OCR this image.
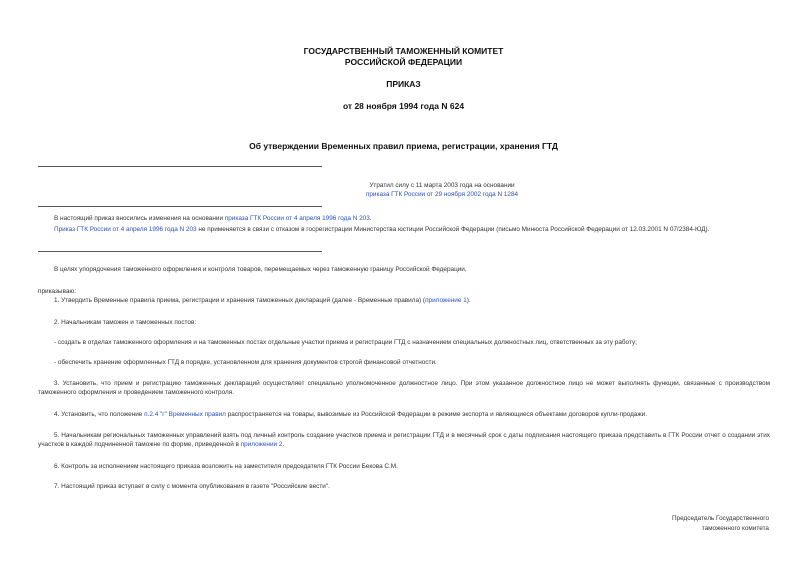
ГОСУДАРСТВЕННЫЙ ТАМОЖЕННЫЙ КОМИТЕТ
РОССИЙСКОЙ ФЕДЕРАЦИИ
ПРИКАЗ
от 28 ноября 1994 года N 624
Об утверждении Временных правил приема, регистрации, хранения ГТД
Утратил силу с 11 марта 2003 года на основании
приказа ГТК России от 29 ноября 2002 года N 1284
В настоящий приказ вносились изменения на основании приказа ГТК России от 4 апреля 1996 года N 203.
Приказ ГТК России от 4 апреля 1996 года N 203 не применяется в связи с отказом в госрегистрации Министерства юстиции Российской Федерации (письмо Минюста Российской Федерации от 12.03.2001 N 07/2384-ЮД).
В целях упорядочения таможенного оформления и контроля товаров, перемещаемых через таможенную границу Российской Федерации,
приказываю:
1. Утвердить Временные правила приема, регистрации и хранения таможенных деклараций (далее - Временные правила) (приложение 1).
2. Начальникам таможен и таможенных постов:
- создать в отделах таможенного оформления и на таможенных постах отдельные участки приема и регистрации ГТД с назначением специальных должностных лиц, ответственных за эту работу;
- обеспечить хранение оформленных ГТД в порядке, установленном для хранения документов строгой финансовой отчетности.
3. Установить, что прием и регистрацию таможенных деклараций осуществляет специально уполномоченное должностное лицо. При этом указанное должностное лицо не может выполнять функции, связанные с производством таможенного оформления и проведением таможенного контроля.
4. Установить, что положение п.2.4 "г" Временных правил распространяется на товары, вывозимые из Российской Федерации в режиме экспорта и являющиеся объектами договоров купли-продажи.
5. Начальникам региональных таможенных управлений взять под личный контроль создание участков приема и регистрации ГТД и в месячный срок с даты подписания настоящего приказа представить в ГТК России отчет о создании этих участков в каждой подчиненной таможне по форме, приведенной в приложении 2.
6. Контроль за исполнением настоящего приказа возложить на заместителя председателя ГТК России Бекова С.М.
7. Настоящий приказ вступает в силу с момента опубликования в газете "Российские вести".
Председатель Государственного
таможенного комитета
